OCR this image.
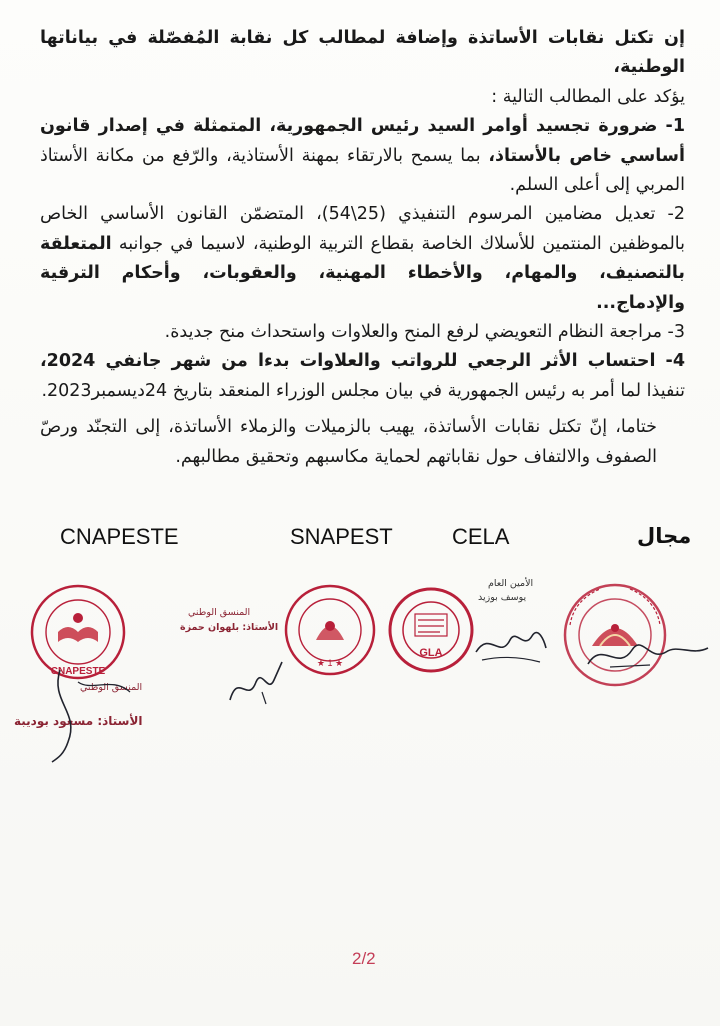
إن تكتل نقابات الأساتذة وإضافة لمطالب كل نقابة المُفصّلة في بياناتها الوطنية،

يؤكد على المطالب التالية :

1- ضرورة تجسيد أوامر السيد رئيس الجمهورية، المتمثلة في إصدار قانون أساسي خاص بالأستاذ، بما يسمح بالارتقاء بمهنة الأستاذية، والرّفع من مكانة الأستاذ المربي إلى أعلى السلم.

2- تعديل مضامين المرسوم التنفيذي (25\54)، المتضمّن القانون الأساسي الخاص بالموظفين المنتمين للأسلاك الخاصة بقطاع التربية الوطنية، لاسيما في جوانبه المتعلقة بالتصنيف، والمهام، والأخطاء المهنية، والعقوبات، وأحكام الترقية والإدماج...

3- مراجعة النظام التعويضي لرفع المنح والعلاوات واستحداث منح جديدة.

4- احتساب الأثر الرجعي للرواتب والعلاوات بدءا من شهر جانفي 2024، تنفيذا لما أمر به رئيس الجمهورية في بيان مجلس الوزراء المنعقد بتاريخ 24ديسمبر2023.

ختاما، إنّ تكتل نقابات الأساتذة، يهيب بالزميلات والزملاء الأساتذة، إلى التجنّد ورصّ الصفوف والالتفاف حول نقاباتهم لحماية مكاسبهم وتحقيق مطالبهم.

مجال
CELA
SNAPEST
CNAPESTE
الأمين العام
يوسف بوزيد
GLA
★ 1 ★
المنسق الوطني
الأستاذ: بلهوان حمزة
CNAPESTE
المنسق الوطني
الأستاذ: مسعود بوديبة
2/2
